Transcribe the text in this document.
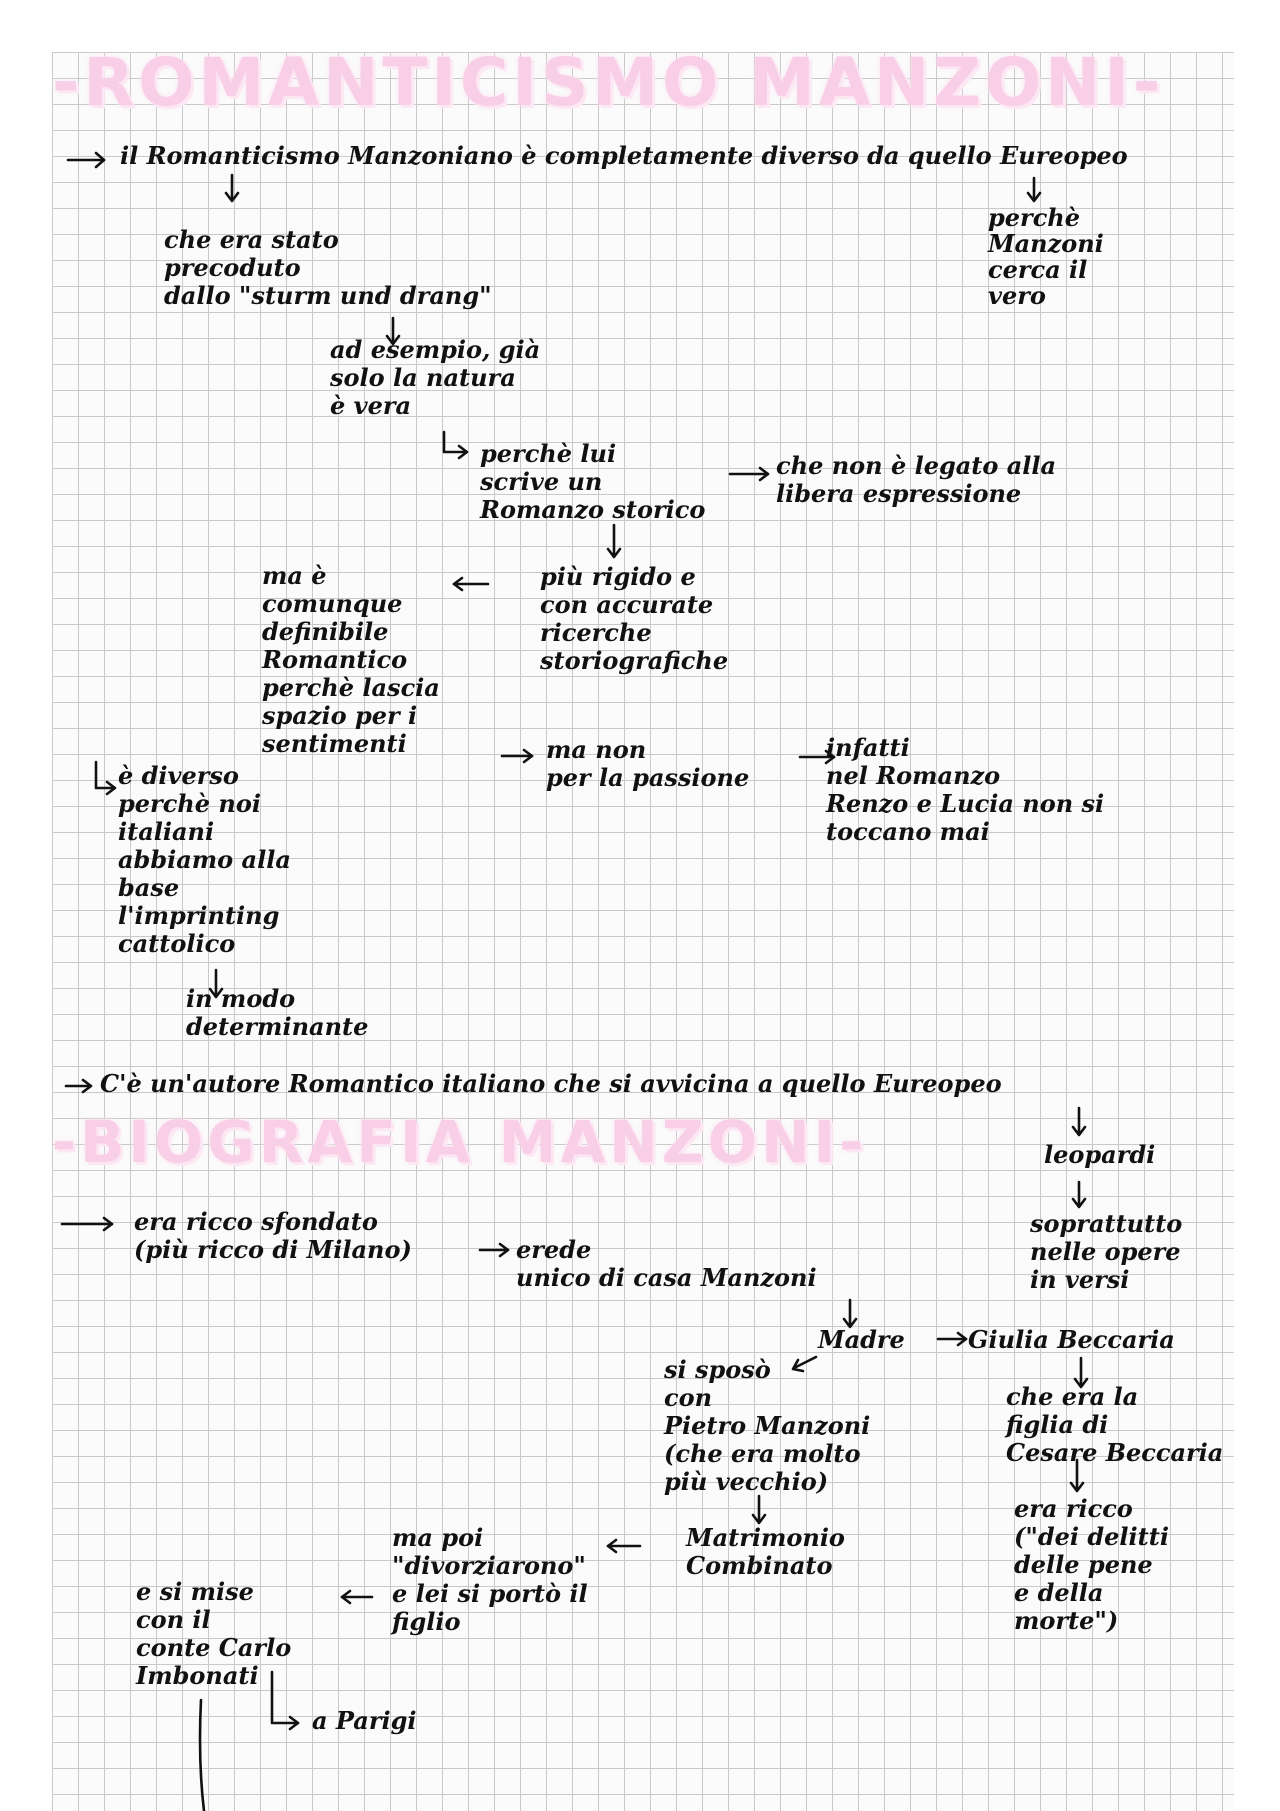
-ROMANTICISMO MANZONI-
-BIOGRAFIA MANZONI-

il Romanticismo Manzoniano è completamente diverso da quello Eureopeo

che era stato
precoduto
dallo "sturm und drang"

perchè
Manzoni
cerca il
vero

ad esempio, già
solo la natura
è vera

perchè lui
scrive un
Romanzo storico

che non è legato alla
libera espressione

più rigido e
con accurate
ricerche
storiografiche

ma è
comunque
definibile
Romantico
perchè lascia
spazio per i
sentimenti	ma non
per la passione

infatti
nel Romanzo
Renzo e Lucia non si
toccano mai

è diverso
perchè noi
italiani
abbiamo alla
base
l'imprinting
cattolico

in modo
determinante

C'è un'autore Romantico italiano che si avvicina a quello Eureopeo

leopardi

soprattutto
nelle opere
in versi

era ricco sfondato
(più ricco di Milano)	erede
unico di casa Manzoni

Madre	Giulia Beccaria

si sposò
con
Pietro Manzoni
(che era molto
più vecchio)

che era la
figlia di
Cesare Beccaria

Matrimonio
Combinato

era ricco
("dei delitti
delle pene
e della
morte")

ma poi
"divorziarono"
e lei si portò il
figlio

e si mise
con il
conte Carlo
Imbonati

a Parigi
